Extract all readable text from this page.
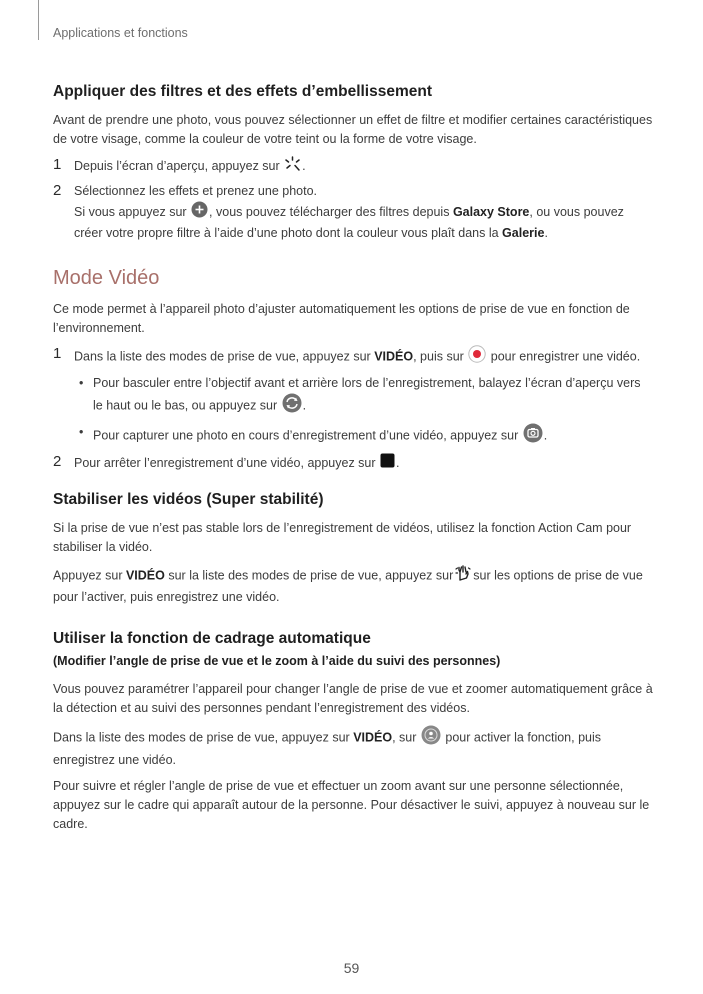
Applications et fonctions
Appliquer des filtres et des effets d’embellissement

Avant de prendre une photo, vous pouvez sélectionner un effet de filtre et modifier certaines caractéristiques de votre visage, comme la couleur de votre teint ou la forme de votre visage.

1 Depuis l’écran d’aperçu, appuyez sur .
2 Sélectionnez les effets et prenez une photo.
Si vous appuyez sur , vous pouvez télécharger des filtres depuis Galaxy Store, ou vous pouvez créer votre propre filtre à l’aide d’une photo dont la couleur vous plaît dans la Galerie.
Mode Vidéo

Ce mode permet à l’appareil photo d’ajuster automatiquement les options de prise de vue en fonction de l’environnement.

1 Dans la liste des modes de prise de vue, appuyez sur VIDÉO, puis sur pour enregistrer une vidéo.
• Pour basculer entre l’objectif avant et arrière lors de l’enregistrement, balayez l’écran d’aperçu vers le haut ou le bas, ou appuyez sur .
• Pour capturer une photo en cours d’enregistrement d’une vidéo, appuyez sur .
2 Pour arrêter l’enregistrement d’une vidéo, appuyez sur .
Stabiliser les vidéos (Super stabilité)

Si la prise de vue n’est pas stable lors de l’enregistrement de vidéos, utilisez la fonction Action Cam pour stabiliser la vidéo.

Appuyez sur VIDÉO sur la liste des modes de prise de vue, appuyez sur sur les options de prise de vue pour l’activer, puis enregistrez une vidéo.

Utiliser la fonction de cadrage automatique
(Modifier l’angle de prise de vue et le zoom à l’aide du suivi des personnes)

Vous pouvez paramétrer l’appareil pour changer l’angle de prise de vue et zoomer automatiquement grâce à la détection et au suivi des personnes pendant l’enregistrement des vidéos.

Dans la liste des modes de prise de vue, appuyez sur VIDÉO, sur pour activer la fonction, puis enregistrez une vidéo.

Pour suivre et régler l’angle de prise de vue et effectuer un zoom avant sur une personne sélectionnée, appuyez sur le cadre qui apparaît autour de la personne. Pour désactiver le suivi, appuyez à nouveau sur le cadre.

59
